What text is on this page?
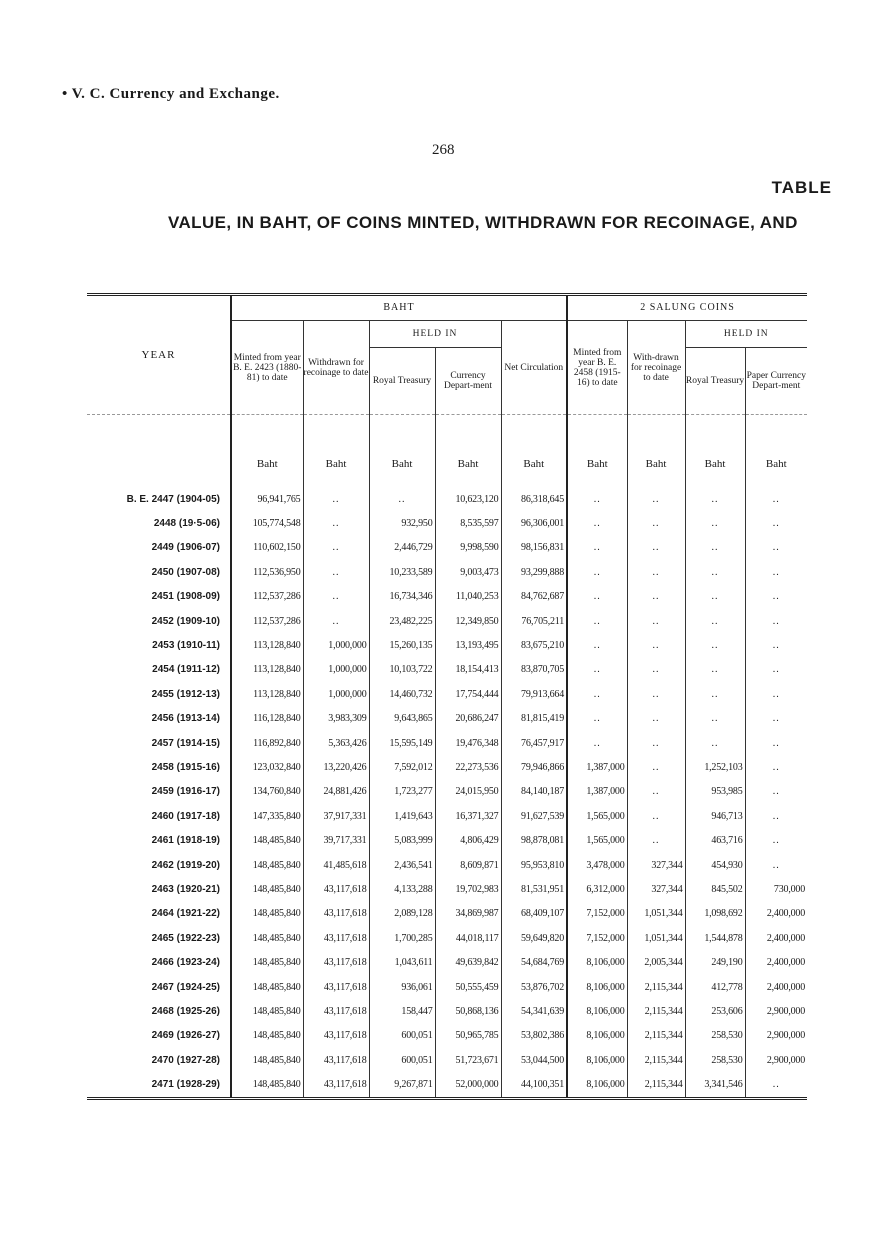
• V. C. Currency and Exchange.
268
TABLE
VALUE, IN BAHT, OF COINS MINTED, WITHDRAWN FOR RECOINAGE, AND
YEAR	BAHT					2 SALUNG COINS			
	Minted from year B. E. 2423 (1880-81) to date	Withdrawn for recoinage to date	HELD IN		Net Circulation	Minted from year B. E. 2458 (1915-16) to date	With-drawn for recoinage to date	HELD IN	
			Royal Treasury	Currency Depart-ment				Royal Treasury	Paper Currency Depart-ment
	Baht	Baht	Baht	Baht	Baht	Baht	Baht	Baht	Baht
B. E. 2447 (1904-05)	96,941,765	..	..	10,623,120	86,318,645	..	..	..	..
2448 (19·5-06)	105,774,548	..	932,950	8,535,597	96,306,001	..	..	..	..
2449 (1906-07)	110,602,150	..	2,446,729	9,998,590	98,156,831	..	..	..	..
2450 (1907-08)	112,536,950	..	10,233,589	9,003,473	93,299,888	..	..	..	..
2451 (1908-09)	112,537,286	..	16,734,346	11,040,253	84,762,687	..	..	..	..
2452 (1909-10)	112,537,286	..	23,482,225	12,349,850	76,705,211	..	..	..	..
2453 (1910-11)	113,128,840	1,000,000	15,260,135	13,193,495	83,675,210	..	..	..	..
2454 (1911-12)	113,128,840	1,000,000	10,103,722	18,154,413	83,870,705	..	..	..	..
2455 (1912-13)	113,128,840	1,000,000	14,460,732	17,754,444	79,913,664	..	..	..	..
2456 (1913-14)	116,128,840	3,983,309	9,643,865	20,686,247	81,815,419	..	..	..	..
2457 (1914-15)	116,892,840	5,363,426	15,595,149	19,476,348	76,457,917	..	..	..	..
2458 (1915-16)	123,032,840	13,220,426	7,592,012	22,273,536	79,946,866	1,387,000	..	1,252,103	..
2459 (1916-17)	134,760,840	24,881,426	1,723,277	24,015,950	84,140,187	1,387,000	..	953,985	..
2460 (1917-18)	147,335,840	37,917,331	1,419,643	16,371,327	91,627,539	1,565,000	..	946,713	..
2461 (1918-19)	148,485,840	39,717,331	5,083,999	4,806,429	98,878,081	1,565,000	..	463,716	..
2462 (1919-20)	148,485,840	41,485,618	2,436,541	8,609,871	95,953,810	3,478,000	327,344	454,930	..
2463 (1920-21)	148,485,840	43,117,618	4,133,288	19,702,983	81,531,951	6,312,000	327,344	845,502	730,000
2464 (1921-22)	148,485,840	43,117,618	2,089,128	34,869,987	68,409,107	7,152,000	1,051,344	1,098,692	2,400,000
2465 (1922-23)	148,485,840	43,117,618	1,700,285	44,018,117	59,649,820	7,152,000	1,051,344	1,544,878	2,400,000
2466 (1923-24)	148,485,840	43,117,618	1,043,611	49,639,842	54,684,769	8,106,000	2,005,344	249,190	2,400,000
2467 (1924-25)	148,485,840	43,117,618	936,061	50,555,459	53,876,702	8,106,000	2,115,344	412,778	2,400,000
2468 (1925-26)	148,485,840	43,117,618	158,447	50,868,136	54,341,639	8,106,000	2,115,344	253,606	2,900,000
2469 (1926-27)	148,485,840	43,117,618	600,051	50,965,785	53,802,386	8,106,000	2,115,344	258,530	2,900,000
2470 (1927-28)	148,485,840	43,117,618	600,051	51,723,671	53,044,500	8,106,000	2,115,344	258,530	2,900,000
2471 (1928-29)	148,485,840	43,117,618	9,267,871	52,000,000	44,100,351	8,106,000	2,115,344	3,341,546	..
